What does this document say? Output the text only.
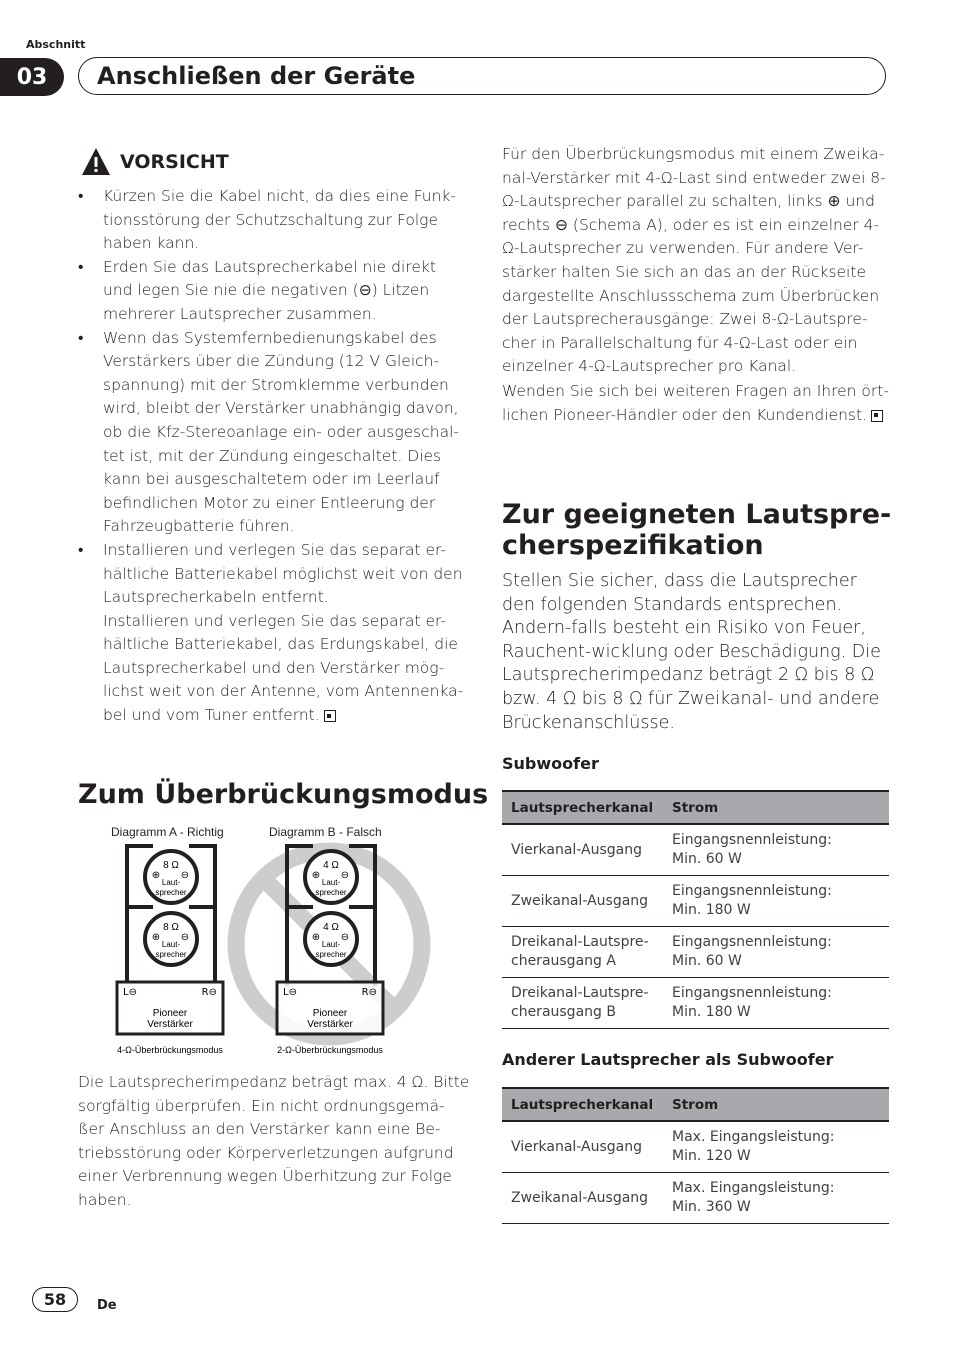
Abschnitt
03	Anschließen der Geräte
VORSICHT
• Kürzen Sie die Kabel nicht, da dies eine Funk-tionsstörung der Schutzschaltung zur Folge haben kann.
• Erden Sie das Lautsprecherkabel nie direkt und legen Sie nie die negativen (⊖) Litzen mehrerer Lautsprecher zusammen.
• Wenn das Systemfernbedienungskabel des Verstärkers über die Zündung (12 V Gleich-spannung) mit der Stromklemme verbunden wird, bleibt der Verstärker unabhängig davon, ob die Kfz-Stereoanlage ein- oder ausgeschal-tet ist, mit der Zündung eingeschaltet. Dies kann bei ausgeschaltetem oder im Leerlauf befindlichen Motor zu einer Entleerung der Fahrzeugbatterie führen.
• Installieren und verlegen Sie das separat er-hältliche Batteriekabel möglichst weit von den Lautsprecherkabeln entfernt.
Installieren und verlegen Sie das separat er-hältliche Batteriekabel, das Erdungskabel, die Lautsprecherkabel und den Verstärker mög-lichst weit von der Antenne, vom Antennenka-bel und vom Tuner entfernt.
Zum Überbrückungsmodus
Diagramm A - Richtig	Diagramm B - Falsch
8 Ω
⊕ ⊖
Laut-
sprecher
8 Ω
⊕ ⊖
Laut-
sprecher
L⊖	R⊖
Pioneer
Verstärker
4-Ω-Überbrückungsmodus
4 Ω
⊕ ⊖
Laut-
sprecher
4 Ω
⊕ ⊖
Laut-
sprecher
L⊖	R⊖
Pioneer
Verstärker
2-Ω-Überbrückungsmodus
Die Lautsprecherimpedanz beträgt max. 4 Ω. Bitte sorgfältig überprüfen. Ein nicht ordnungsgemä-ßer Anschluss an den Verstärker kann eine Be-triebsstörung oder Körperverletzungen aufgrund einer Verbrennung wegen Überhitzung zur Folge haben.
Für den Überbrückungsmodus mit einem Zweika-nal-Verstärker mit 4-Ω-Last sind entweder zwei 8-Ω-Lautsprecher parallel zu schalten, links ⊕ und rechts ⊖ (Schema A), oder es ist ein einzelner 4-Ω-Lautsprecher zu verwenden. Für andere Ver-stärker halten Sie sich an das an der Rückseite dargestellte Anschlussschema zum Überbrücken der Lautsprecherausgänge: Zwei 8-Ω-Lautspre-cher in Parallelschaltung für 4-Ω-Last oder ein einzelner 4-Ω-Lautsprecher pro Kanal.
Wenden Sie sich bei weiteren Fragen an Ihren ört-lichen Pioneer-Händler oder den Kundendienst.
Zur geeigneten Lautspre-cherspezifikation
Stellen Sie sicher, dass die Lautsprecher den folgenden Standards entsprechen. Andern-falls besteht ein Risiko von Feuer, Rauchent-wicklung oder Beschädigung. Die Lautsprecherimpedanz beträgt 2 Ω bis 8 Ω bzw. 4 Ω bis 8 Ω für Zweikanal- und andere Brückenanschlüsse.
Subwoofer
Lautsprecherkanal	Strom
Vierkanal-Ausgang	Eingangsnennleistung:
Min. 60 W
Zweikanal-Ausgang	Eingangsnennleistung:
Min. 180 W
Dreikanal-Lautspre-cherausgang A	Eingangsnennleistung:
Min. 60 W
Dreikanal-Lautspre-cherausgang B	Eingangsnennleistung:
Min. 180 W
Anderer Lautsprecher als Subwoofer
Lautsprecherkanal	Strom
Vierkanal-Ausgang	Max. Eingangsleistung:
Min. 120 W
Zweikanal-Ausgang	Max. Eingangsleistung:
Min. 360 W
58	De
